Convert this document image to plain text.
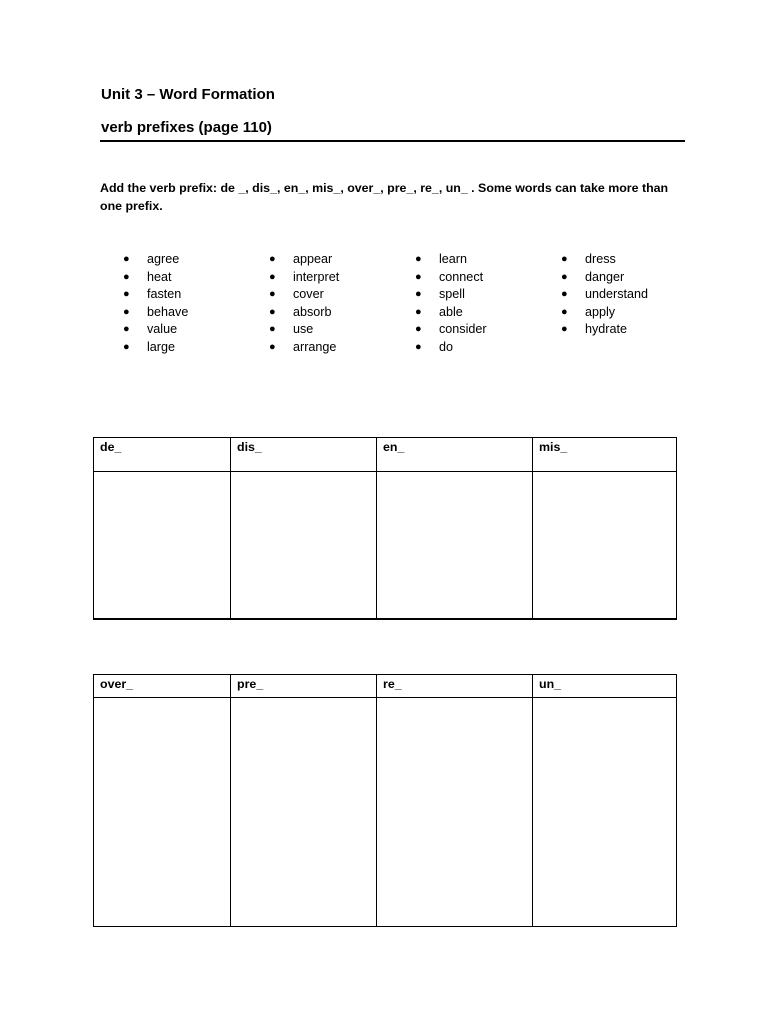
Unit 3 – Word Formation
verb prefixes (page 110)
Add the verb prefix: de _, dis_, en_, mis_, over_, pre_, re_, un_ . Some words can take more than one prefix.
● agree
● heat
● fasten
● behave
● value
● large
● appear
● interpret
● cover
● absorb
● use
● arrange
● learn
● connect
● spell
● able
● consider
● do
● dress
● danger
● understand
● apply
● hydrate
de_	dis_	en_	mis_

over_	pre_	re_	un_
